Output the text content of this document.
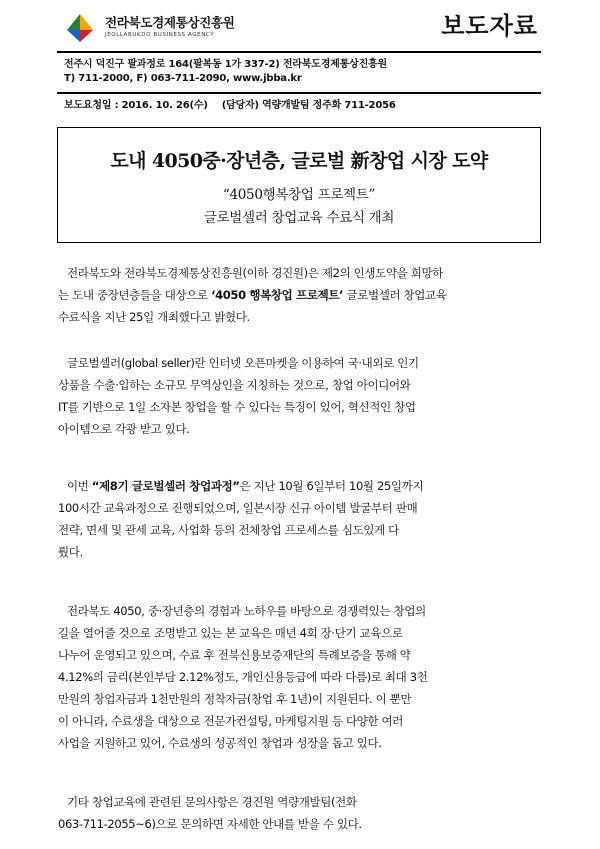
전라북도경제통상진흥원
JEOLLABUKDO BUSINESS AGENCY	보도자료
전주시 덕진구 팔과정로 164(팔복동 1가 337-2) 전라북도경제통상진흥원
T) 711-2000, F) 063-711-2090, www.jbba.kr
보도요청일 : 2016. 10. 26(수) (담당자) 역량개발팀 정주화 711-2056
도내 4050중·장년층, 글로벌 新창업 시장 도약
“4050행복창업 프로젝트”
글로벌셀러 창업교육 수료식 개최
전라북도와 전라북도경제통상진흥원(이하 경진원)은 제2의 인생도약을 희망하
는 도내 중장년층들을 대상으로 ‘4050 행복창업 프로젝트’ 글로벌셀러 창업교육
수료식을 지난 25일 개최했다고 밝혔다.
글로벌셀러(global seller)란 인터넷 오픈마켓을 이용하여 국·내외로 인기
상품을 수출·입하는 소규모 무역상인을 지칭하는 것으로, 창업 아이디어와
IT를 기반으로 1일 소자본 창업을 할 수 있다는 특징이 있어, 혁신적인 창업
아이템으로 각광 받고 있다.
이번 “제8기 글로벌셀러 창업과정”은 지난 10월 6일부터 10월 25일까지
100시간 교육과정으로 진행되었으며, 일본시장 신규 아이템 발굴부터 판매
전략, 면세 및 관세 교육, 사업화 등의 전체창업 프로세스를 심도있게 다
뤘다.
전라북도 4050, 중·장년층의 경험과 노하우를 바탕으로 경쟁력있는 창업의
길을 열어줄 것으로 조명받고 있는 본 교육은 매년 4회 장·단기 교육으로
나누어 운영되고 있으며, 수료 후 전북신용보증재단의 특례보증을 통해 약
4.12%의 금리(본인부담 2.12%정도, 개인신용등급에 따라 다름)로 최대 3천
만원의 창업자금과 1천만원의 정착자금(창업 후 1년)이 지원된다. 이 뿐만
이 아니라, 수료생을 대상으로 전문가컨설팅, 마케팅지원 등 다양한 여러
사업을 지원하고 있어, 수료생의 성공적인 창업과 성장을 돕고 있다.
기타 창업교육에 관련된 문의사항은 경진원 역량개발팀(전화
063-711-2055~6)으로 문의하면 자세한 안내를 받을 수 있다.
